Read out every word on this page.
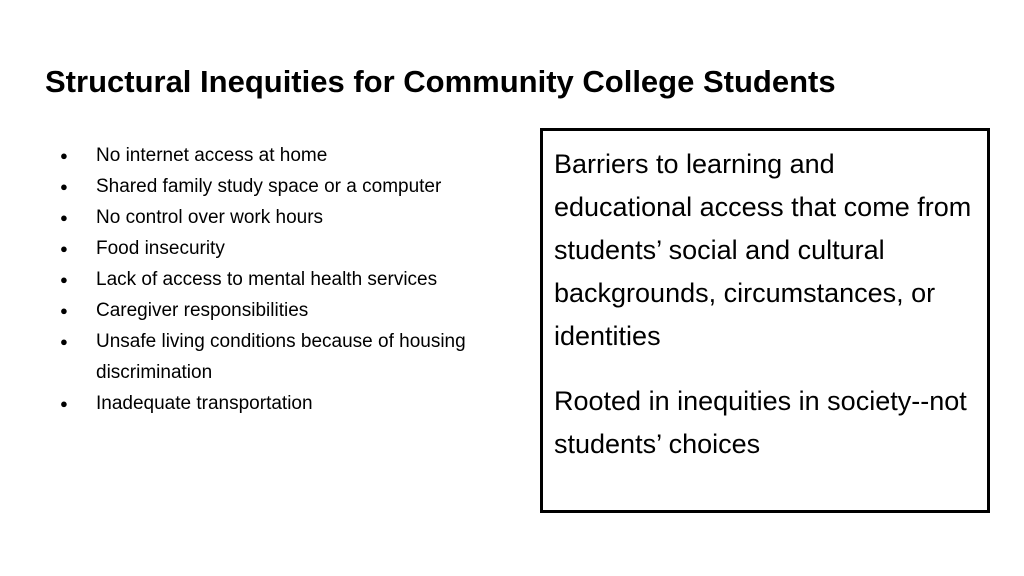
Structural Inequities for Community College Students
● No internet access at home
● Shared family study space or a computer
● No control over work hours
● Food insecurity
● Lack of access to mental health services
● Caregiver responsibilities
● Unsafe living conditions because of housing discrimination
● Inadequate transportation

Barriers to learning and educational access that come from students’ social and cultural backgrounds, circumstances, or identities

Rooted in inequities in society--not students’ choices
